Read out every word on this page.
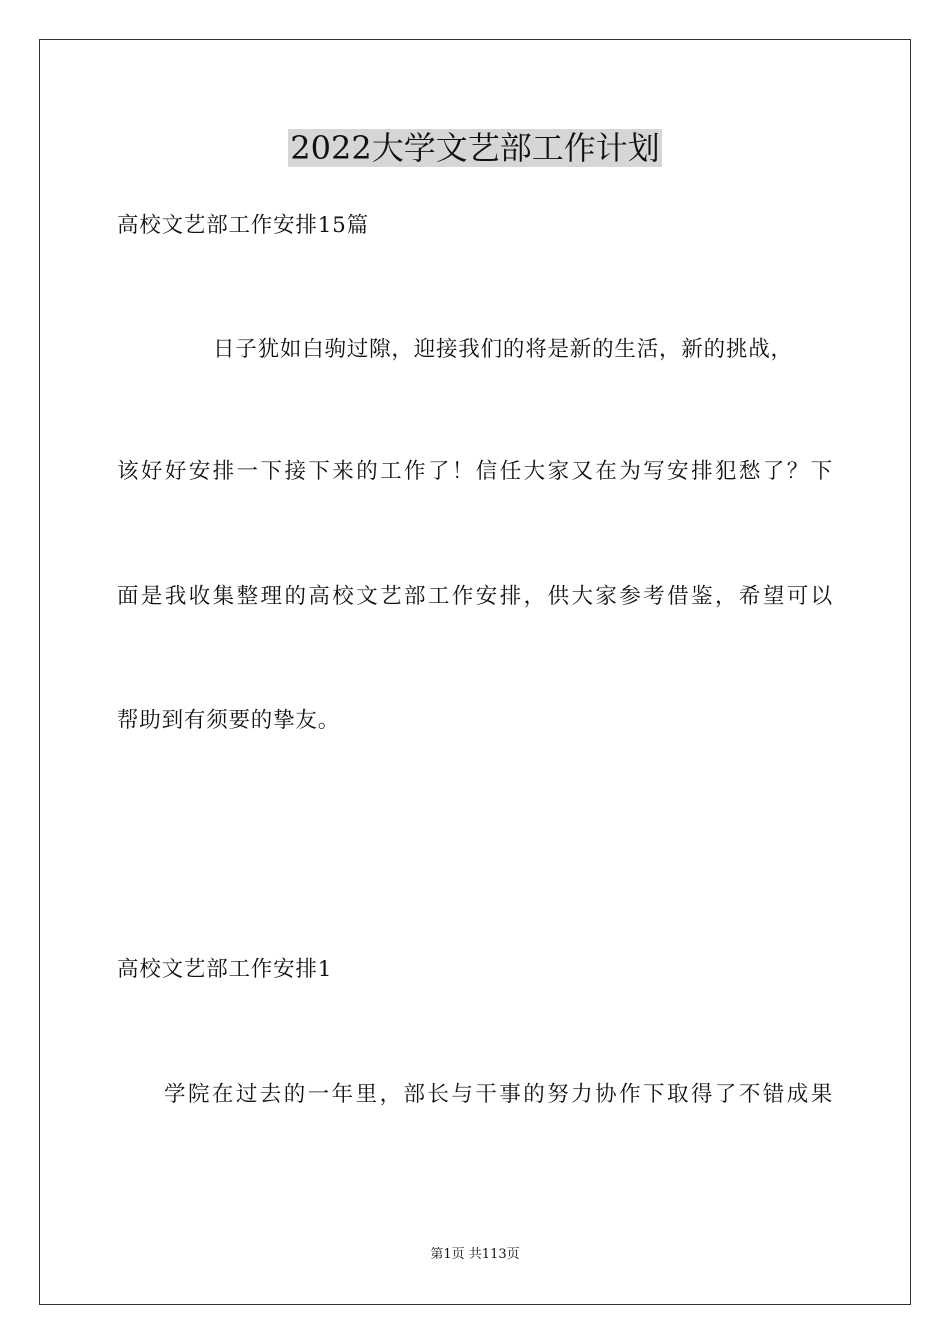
2022大学文艺部工作计划

高校文艺部工作安排15篇

日子犹如白驹过隙，迎接我们的将是新的生活，新的挑战，

该好好安排一下接下来的工作了！信任大家又在为写安排犯愁了？下

面是我收集整理的高校文艺部工作安排，供大家参考借鉴，希望可以

帮助到有须要的挚友。

高校文艺部工作安排1

学院在过去的一年里，部长与干事的努力协作下取得了不错成果

第1页 共113页
